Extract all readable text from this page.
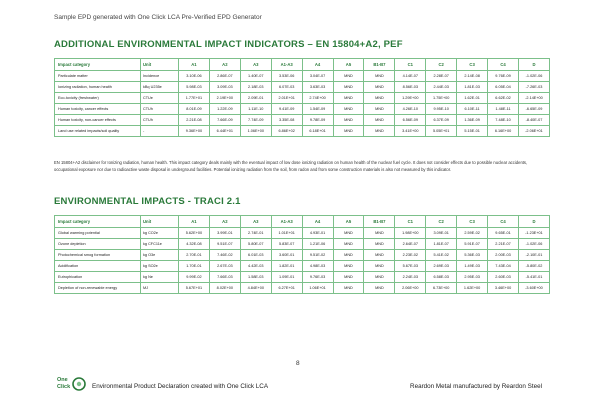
Sample EPD generated with One Click LCA Pre-Verified EPD Generator
ADDITIONAL ENVIRONMENTAL IMPACT INDICATORS – EN 15804+A2, PEF
Impact category	Unit	A1	A2	A3	A1-A3	A4	A5	B1-B7	C1	C2	C3	C4	D
Particulate matter	Incidence	3.10E-06	2.86E-07	1.40E-07	3.53E-06	3.04E-07	MND	MND	4.14E-07	2.28E-07	2.14E-08	9.76E-09	-1.02E-06
Ionizing radiation, human health	kBq U235e	5.98E-03	3.09E-03	2.18E-03	6.07E-03	3.63E-03	MND	MND	8.56E-03	2.44E-03	1.81E-03	6.05E-04	-7.26E-03
Eco-toxicity (freshwater)	CTUe	1.77E+01	2.19E+00	2.09E-01	2.01E+01	2.74E+00	MND	MND	1.29E+00	1.75E+00	1.62E-01	6.62E-02	-2.14E+00
Human toxicity, cancer effects	CTUh	8.01E-09	1.22E-09	1.11E-10	9.41E-09	1.54E-09	MND	MND	4.26E-10	9.95E-10	6.10E-11	1.48E-11	-6.65E-09
Human toxicity, non-cancer effects	CTUh	2.21E-08	7.66E-09	7.74E-09	3.35E-08	9.78E-09	MND	MND	6.56E-09	6.37E-09	1.36E-09	7.48E-10	-8.40E-07
Land use related impacts/soil quality	-	9.36E+00	6.44E+01	1.06E+00	6.86E+02	6.18E+01	MND	MND	3.41E+00	5.05E+01	5.15E-01	6.16E+00	-2.06E+01
EN 15804+A2 disclaimer for Ionizing radiation, human health. This impact category deals mainly with the eventual impact of low dose ionizing radiation on human health of the nuclear fuel cycle. It does not consider effects due to possible nuclear accidents, occupational exposure nor due to radioactive waste disposal in underground facilities. Potential ionizing radiation from the soil, from radon and from some construction materials is also not measured by this indicator.
ENVIRONMENTAL IMPACTS - TRACI 2.1
Impact category	Unit	A1	A2	A3	A1-A3	A4	A5	B1-B7	C1	C2	C3	C4	D
Global warming potential	kg CO2e	5.62E+00	3.99E-01	2.74E-01	1.01E+01	4.93E-01	MND	MND	1.98E+00	3.09E-01	2.59E-02	9.65E-01	-1.23E+01
Ozone depletion	kg CFC11e	4.32E-08	9.51E-07	5.80E-07	5.83E-07	1.21E-06	MND	MND	2.64E-07	1.81E-07	5.91E-07	2.21E-07	-1.02E-06
Photochemical smog formation	kg O3e	2.70E-01	7.46E-02	6.01E-03	3.60E-01	9.51E-02	MND	MND	2.23E-02	5.41E-02	5.36E-03	2.00E-03	-2.10E-01
Acidification	kg SO2e	1.70E-01	2.67E-03	4.42E-03	1.82E-01	4.98E-03	MND	MND	5.67E-03	2.69E-03	1.49E-03	7.43E-04	-5.80E-02
Eutrophication	kg Ne	9.99E-02	7.66E-03	1.58E-03	1.09E-01	9.76E-03	MND	MND	2.24E-03	6.58E-03	2.95E-03	2.60E-03	-5.41E-01
Depletion of non-renewable energy	MJ	5.67E+01	8.02E+00	4.84E+00	6.27E+01	1.06E+01	MND	MND	2.06E+00	6.73E+00	1.62E+00	3.46E+00	-3.60E+00
8
One
Click	Environmental Product Declaration created with One Click LCA	Reardon Metal manufactured by Reardon Steel
